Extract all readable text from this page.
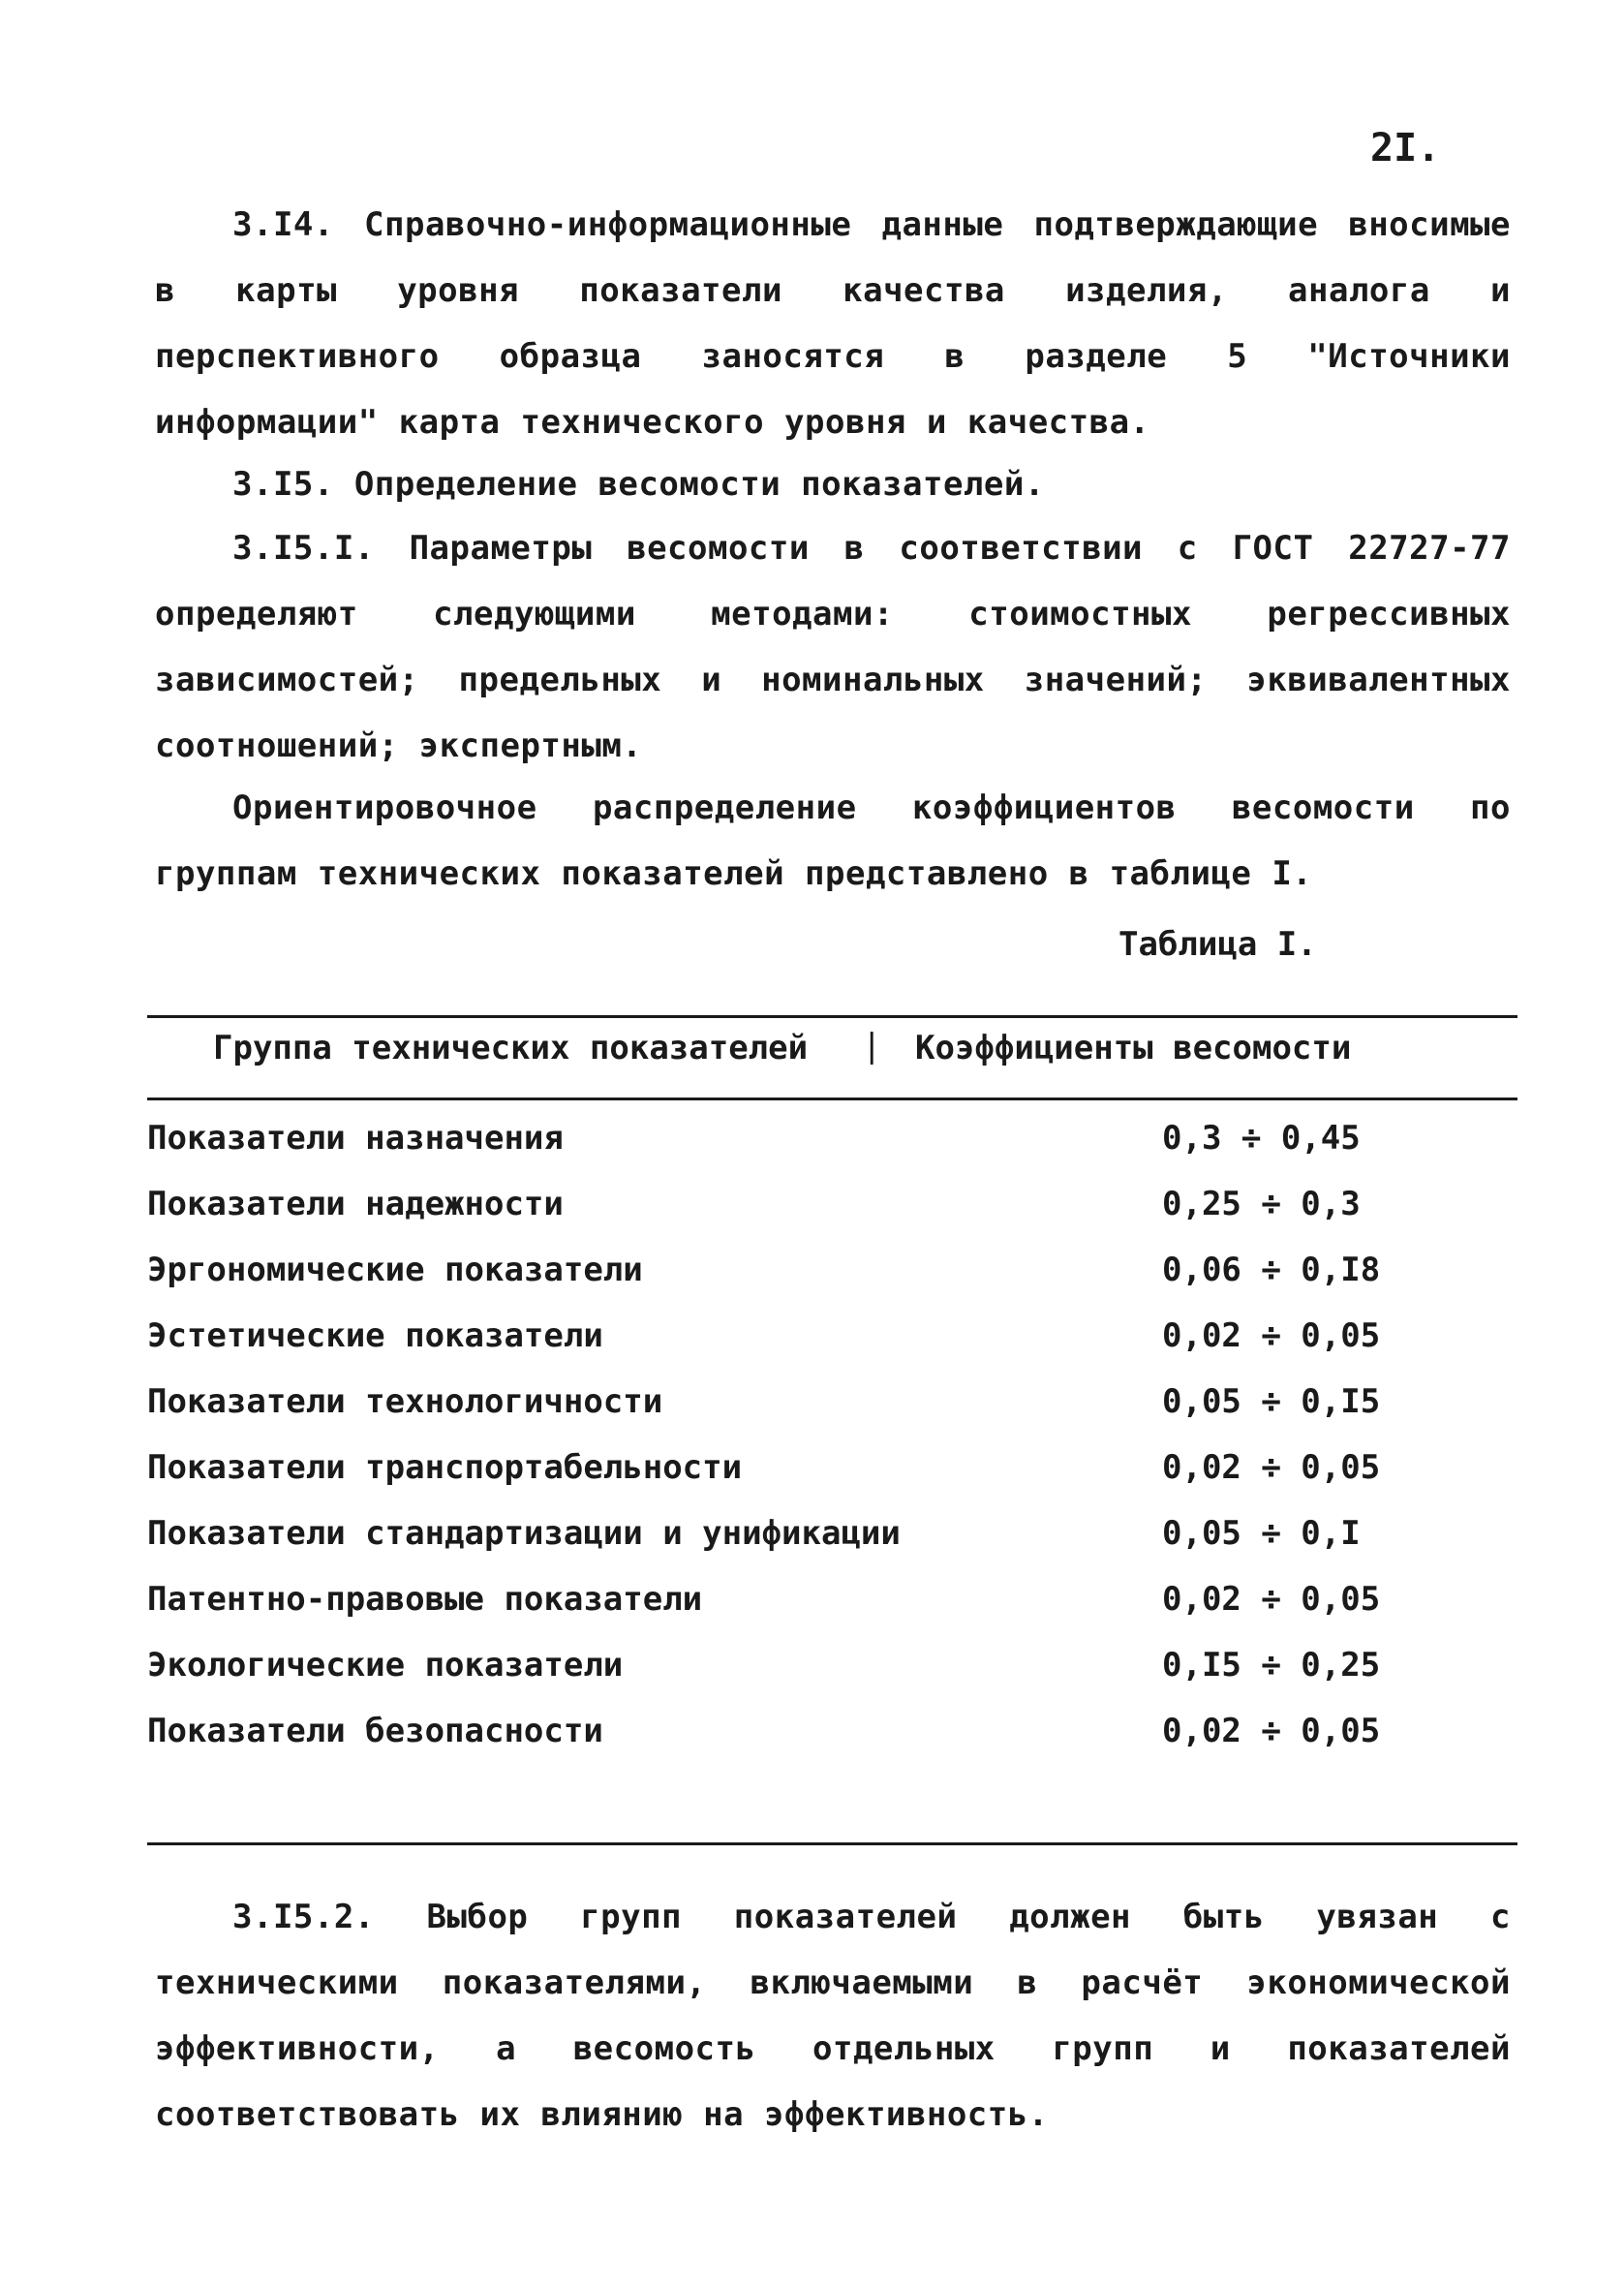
2I.

3.I4. Справочно-информационные данные подтверждающие вносимые в карты уровня показатели качества изделия, аналога и перспективного образца заносятся в разделе 5 "Источники информации" карта технического уровня и качества.

3.I5. Определение весомости показателей.

3.I5.I. Параметры весомости в соответствии с ГОСТ 22727-77 определяют следующими методами: стоимостных регрессивных зависимостей; предельных и номинальных значений; эквивалентных соотношений; экспертным.

Ориентировочное распределение коэффициентов весомости по группам технических показателей представлено в таблице I.

Таблица I.
Группа технических показателей | Коэффициенты весомости
Показатели назначения	0,3 ÷ 0,45
Показатели надежности	0,25 ÷ 0,3
Эргономические показатели	0,06 ÷ 0,I8
Эстетические показатели	0,02 ÷ 0,05
Показатели технологичности	0,05 ÷ 0,I5
Показатели транспортабельности	0,02 ÷ 0,05
Показатели стандартизации и унификации	0,05 ÷ 0,I
Патентно-правовые показатели	0,02 ÷ 0,05
Экологические показатели	0,I5 ÷ 0,25
Показатели безопасности	0,02 ÷ 0,05

3.I5.2. Выбор групп показателей должен быть увязан с техническими показателями, включаемыми в расчёт экономической эффективности, а весомость отдельных групп и показателей соответствовать их влиянию на эффективность.
